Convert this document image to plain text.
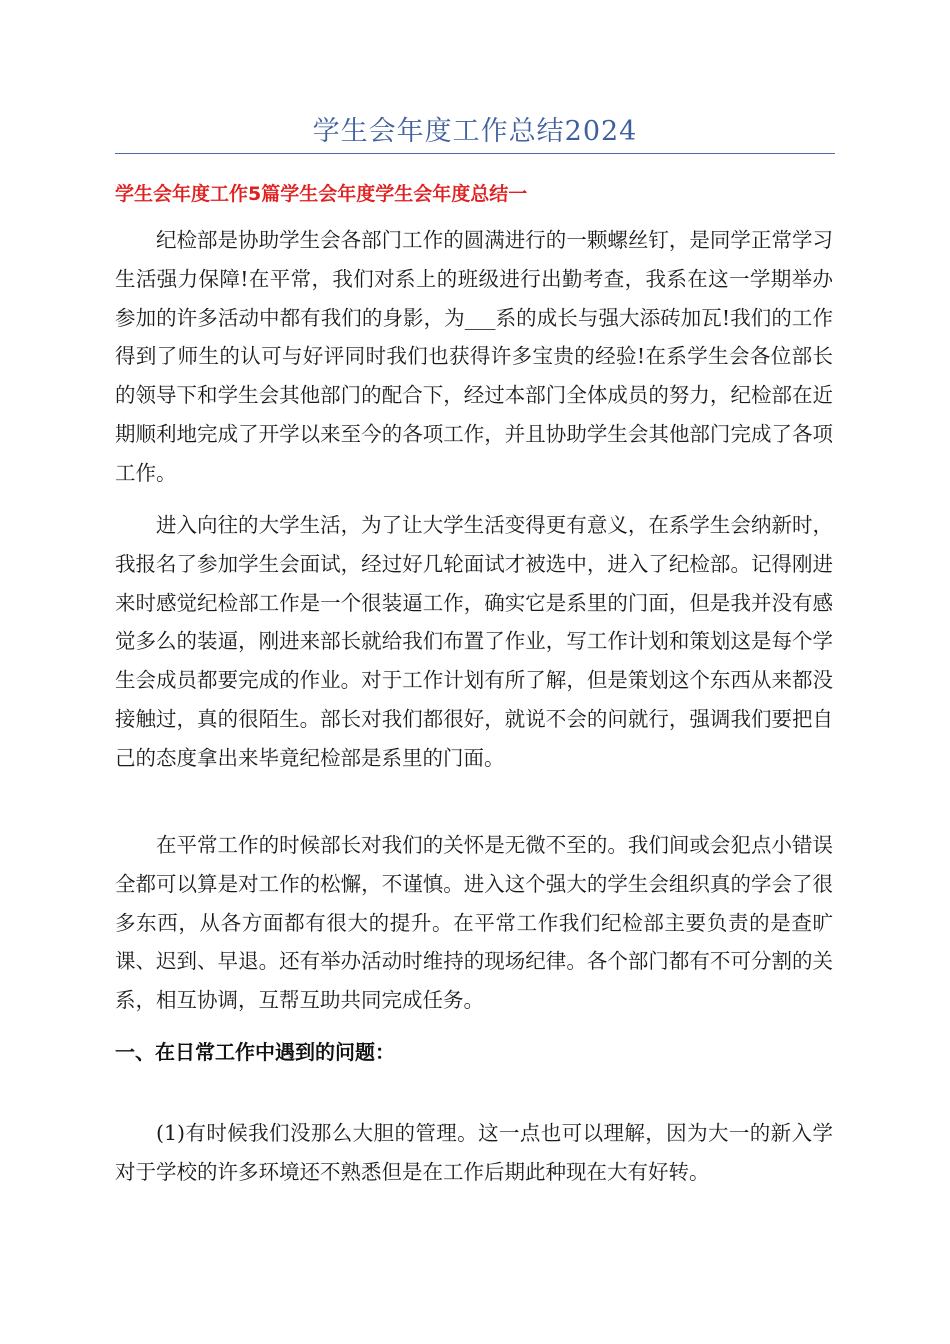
学生会年度工作总结2024
学生会年度工作5篇学生会年度学生会年度总结一

纪检部是协助学生会各部门工作的圆满进行的一颗螺丝钉，是同学正常学习生活强力保障!在平常，我们对系上的班级进行出勤考查，我系在这一学期举办参加的许多活动中都有我们的身影，为___系的成长与强大添砖加瓦!我们的工作得到了师生的认可与好评同时我们也获得许多宝贵的经验!在系学生会各位部长的领导下和学生会其他部门的配合下，经过本部门全体成员的努力，纪检部在近期顺利地完成了开学以来至今的各项工作，并且协助学生会其他部门完成了各项工作。

进入向往的大学生活，为了让大学生活变得更有意义，在系学生会纳新时，我报名了参加学生会面试，经过好几轮面试才被选中，进入了纪检部。记得刚进来时感觉纪检部工作是一个很装逼工作，确实它是系里的门面，但是我并没有感觉多么的装逼，刚进来部长就给我们布置了作业，写工作计划和策划这是每个学生会成员都要完成的作业。对于工作计划有所了解，但是策划这个东西从来都没接触过，真的很陌生。部长对我们都很好，就说不会的问就行，强调我们要把自己的态度拿出来毕竟纪检部是系里的门面。

在平常工作的时候部长对我们的关怀是无微不至的。我们间或会犯点小错误全都可以算是对工作的松懈，不谨慎。进入这个强大的学生会组织真的学会了很多东西，从各方面都有很大的提升。在平常工作我们纪检部主要负责的是查旷课、迟到、早退。还有举办活动时维持的现场纪律。各个部门都有不可分割的关系，相互协调，互帮互助共同完成任务。

一、在日常工作中遇到的问题：

(1)有时候我们没那么大胆的管理。这一点也可以理解，因为大一的新入学对于学校的许多环境还不熟悉但是在工作后期此种现在大有好转。
